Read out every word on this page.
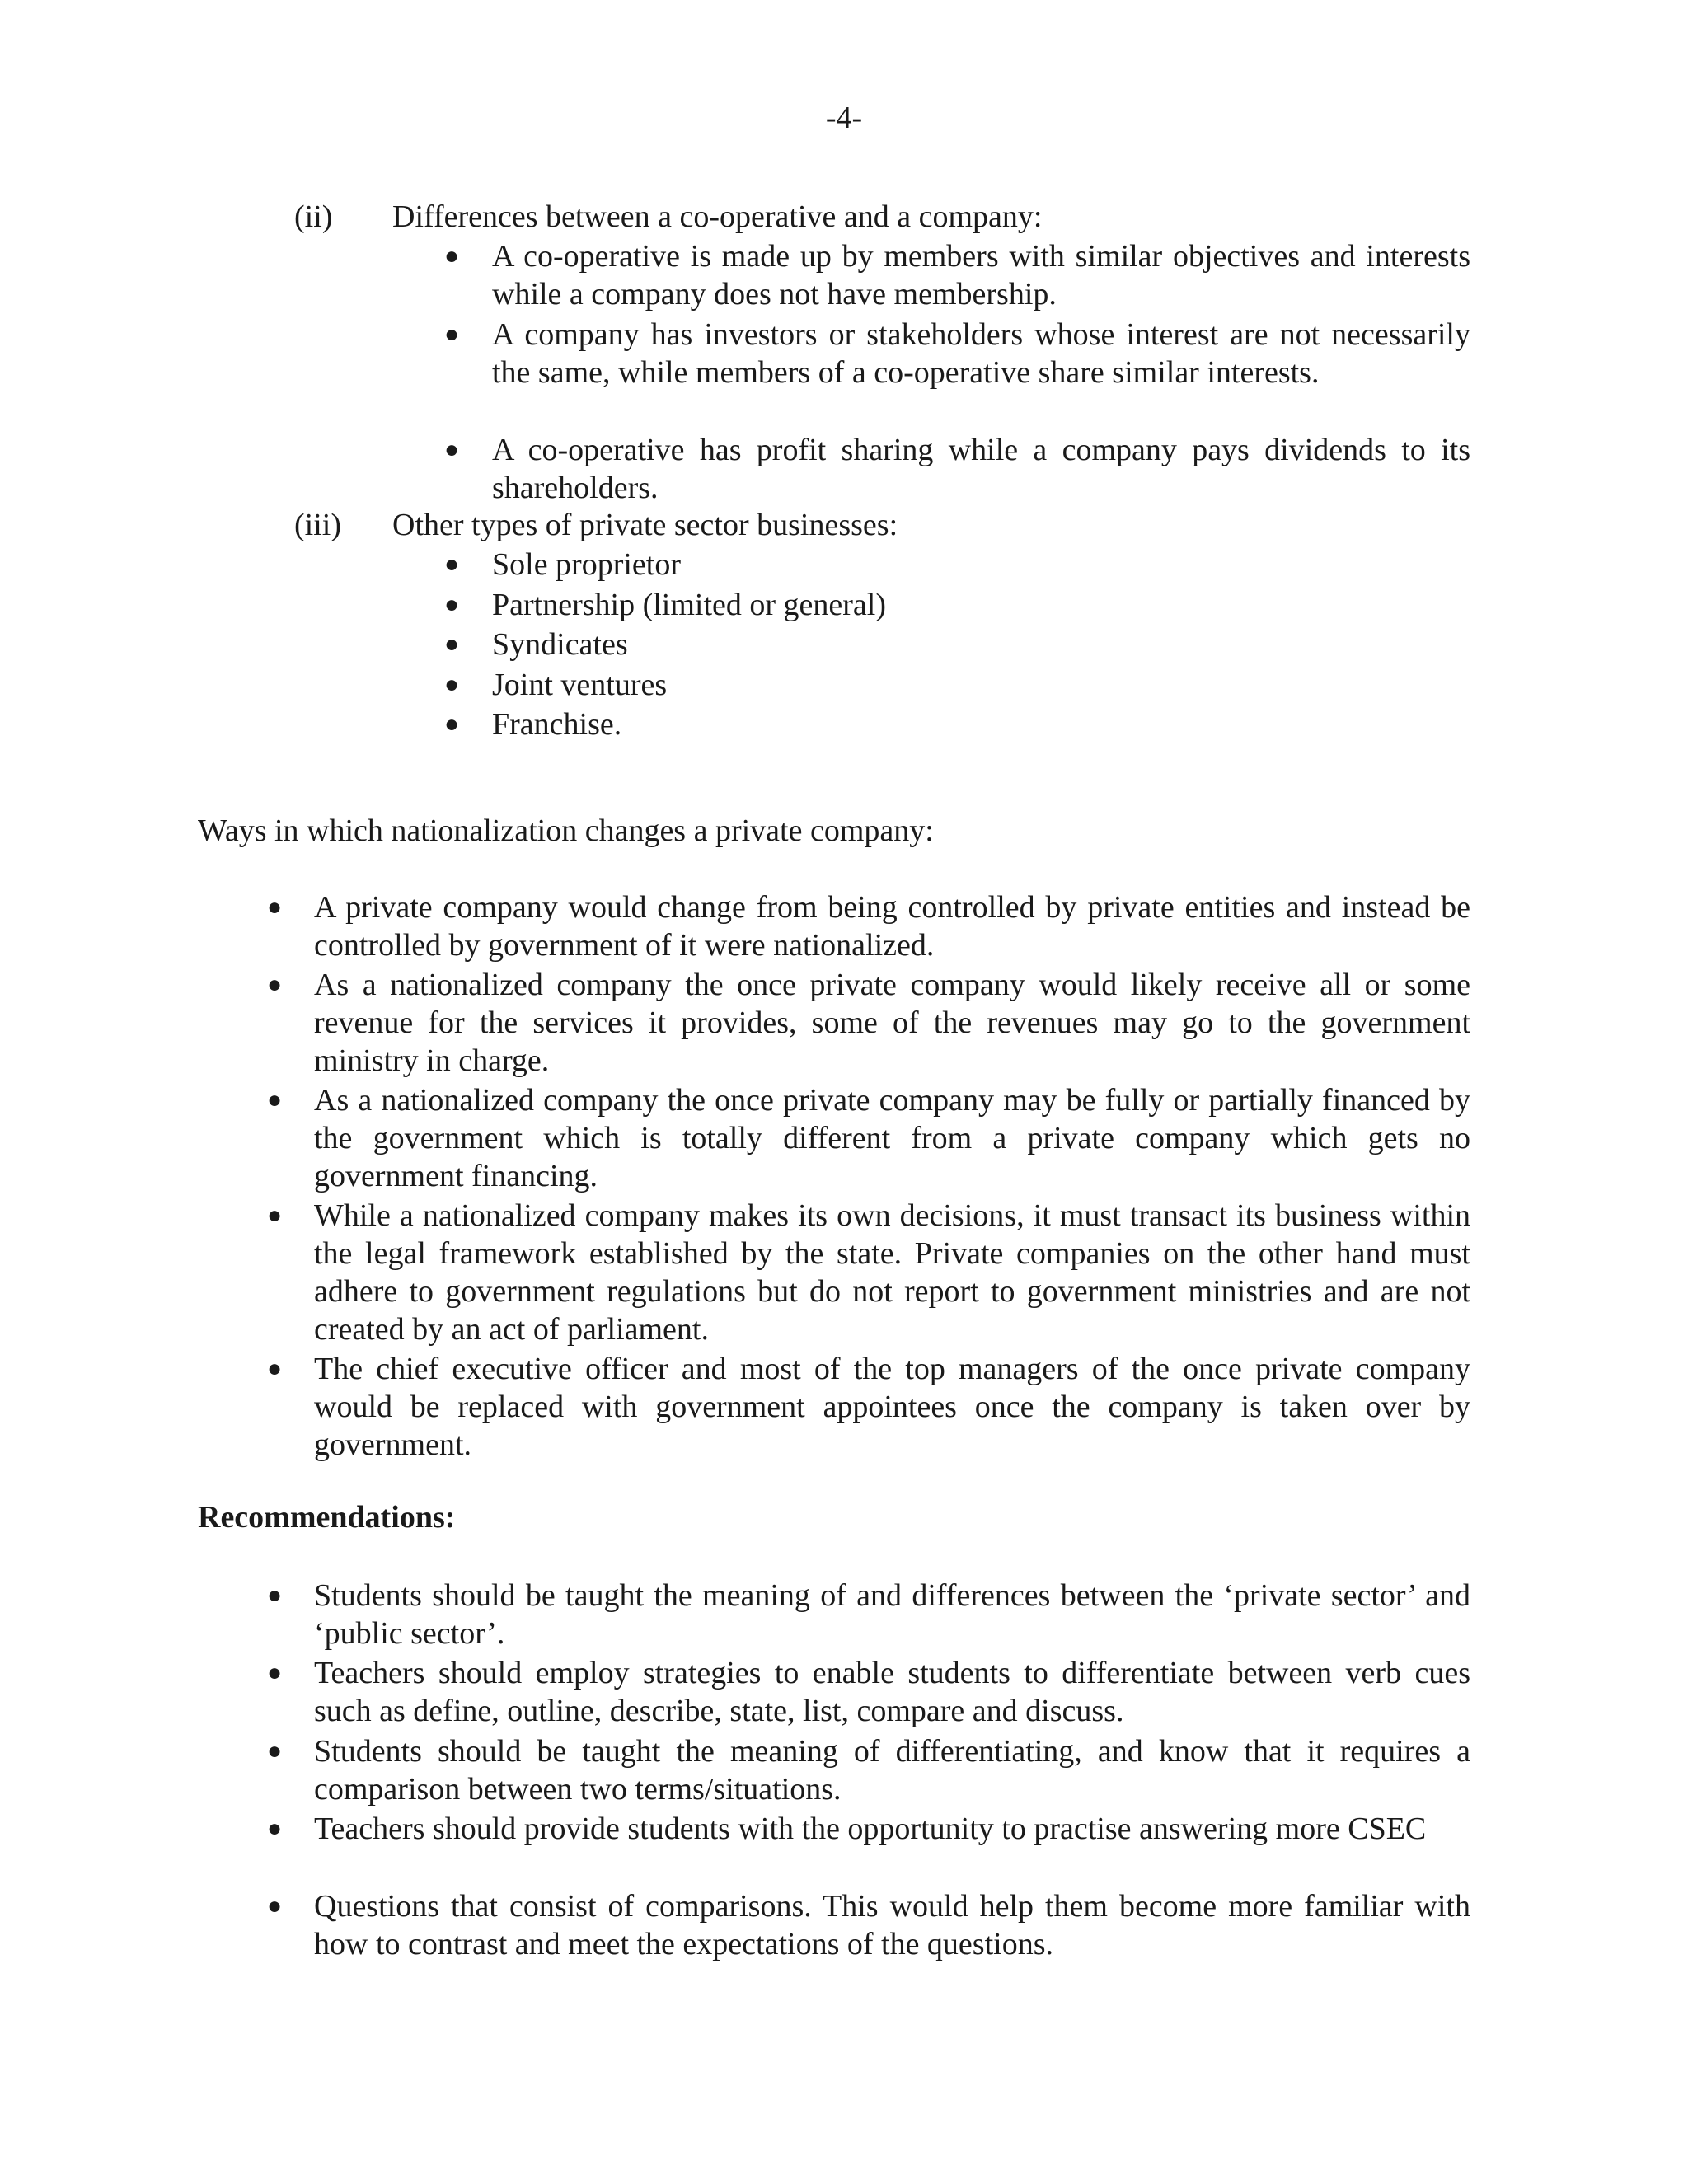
-4-
(ii) Differences between a co-operative and a company:
● A co-operative is made up by members with similar objectives and interests while a company does not have membership.
● A company has investors or stakeholders whose interest are not necessarily the same, while members of a co-operative share similar interests.
● A co-operative has profit sharing while a company pays dividends to its shareholders.
(iii) Other types of private sector businesses:
● Sole proprietor
● Partnership (limited or general)
● Syndicates
● Joint ventures
● Franchise.
Ways in which nationalization changes a private company:
● A private company would change from being controlled by private entities and instead be controlled by government of it were nationalized.
● As a nationalized company the once private company would likely receive all or some revenue for the services it provides, some of the revenues may go to the government ministry in charge.
● As a nationalized company the once private company may be fully or partially financed by the government which is totally different from a private company which gets no government financing.
● While a nationalized company makes its own decisions, it must transact its business within the legal framework established by the state. Private companies on the other hand must adhere to government regulations but do not report to government ministries and are not created by an act of parliament.
● The chief executive officer and most of the top managers of the once private company would be replaced with government appointees once the company is taken over by government.
Recommendations:
● Students should be taught the meaning of and differences between the ‘private sector’ and ‘public sector’.
● Teachers should employ strategies to enable students to differentiate between verb cues such as define, outline, describe, state, list, compare and discuss.
● Students should be taught the meaning of differentiating, and know that it requires a comparison between two terms/situations.
● Teachers should provide students with the opportunity to practise answering more CSEC
● Questions that consist of comparisons. This would help them become more familiar with how to contrast and meet the expectations of the questions.
